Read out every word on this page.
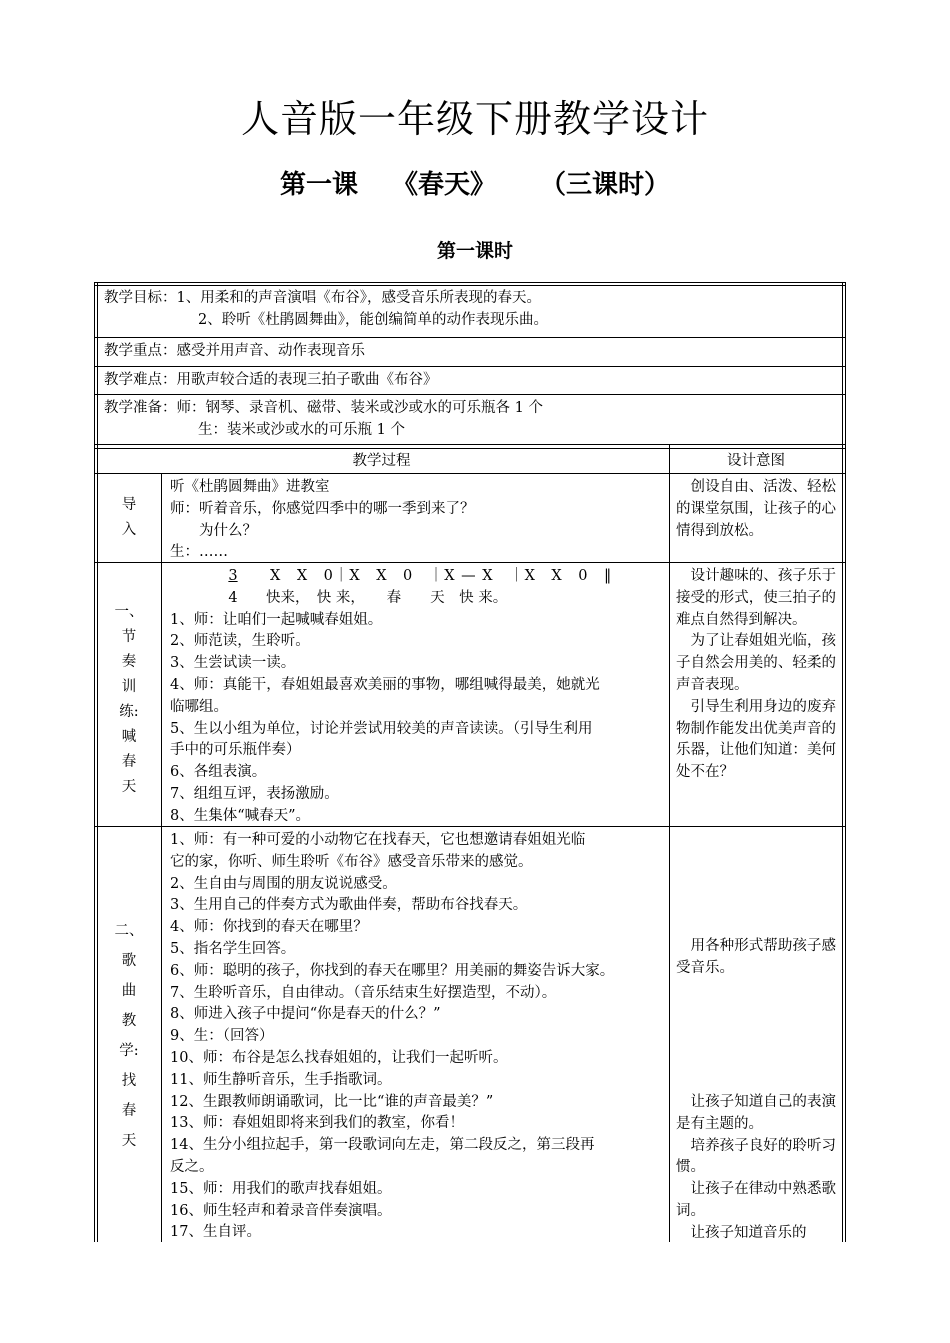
人音版一年级下册教学设计
第一课 《春天》 （三课时）
第一课时
教学目标：1、用柔和的声音演唱《布谷》，感受音乐所表现的春天。
2、聆听《杜鹃圆舞曲》，能创编简单的动作表现乐曲。
教学重点：感受并用声音、动作表现音乐
教学难点：用歌声较合适的表现三拍子歌曲《布谷》
教学准备：师：钢琴、录音机、磁带、装米或沙或水的可乐瓶各 1 个
生：装米或沙或水的可乐瓶 1 个
教学过程	设计意图
导
入
听《杜鹃圆舞曲》进教室
师：听着音乐，你感觉四季中的哪一季到来了？
　　为什么？
生：……
　创设自由、活泼、轻松的课堂氛围，让孩子的心情得到放松。
一、
节
奏
训
练:
喊
春
天
3 X　X　0｜X　X　0　｜X — X　｜X　X　0　‖
4 快来，　快 来，　　春　　天　快 来。
1、师：让咱们一起喊喊春姐姐。
2、师范读，生聆听。
3、生尝试读一读。
4、师：真能干，春姐姐最喜欢美丽的事物，哪组喊得最美，她就光
临哪组。
5、生以小组为单位，讨论并尝试用较美的声音读读。（引导生利用
手中的可乐瓶伴奏）
6、各组表演。
7、组组互评，表扬激励。
8、生集体“喊春天”。
　设计趣味的、孩子乐于接受的形式，使三拍子的难点自然得到解决。
　为了让春姐姐光临，孩子自然会用美的、轻柔的声音表现。
　引导生利用身边的废弃物制作能发出优美声音的乐器，让他们知道：美何处不在？
二、
歌
曲
教
学:
找
春
天
1、师：有一种可爱的小动物它在找春天，它也想邀请春姐姐光临
它的家，你听、师生聆听《布谷》感受音乐带来的感觉。
2、生自由与周围的朋友说说感受。
3、生用自己的伴奏方式为歌曲伴奏，帮助布谷找春天。
4、师：你找到的春天在哪里？
5、指名学生回答。
6、师：聪明的孩子，你找到的春天在哪里？用美丽的舞姿告诉大家。
7、生聆听音乐，自由律动。（音乐结束生好摆造型，不动）。
8、师进入孩子中提问“你是春天的什么？”
9、生：（回答）
10、师：布谷是怎么找春姐姐的，让我们一起听听。
11、师生静听音乐，生手指歌词。
12、生跟教师朗诵歌词，比一比“谁的声音最美？”
13、师：春姐姐即将来到我们的教室，你看！
14、生分小组拉起手，第一段歌词向左走，第二段反之，第三段再
反之。
15、师：用我们的歌声找春姐姐。
16、师生轻声和着录音伴奏演唱。
17、生自评。
　用各种形式帮助孩子感受音乐。
　让孩子知道自己的表演是有主题的。
　培养孩子良好的聆听习惯。
　让孩子在律动中熟悉歌词。
　让孩子知道音乐的
